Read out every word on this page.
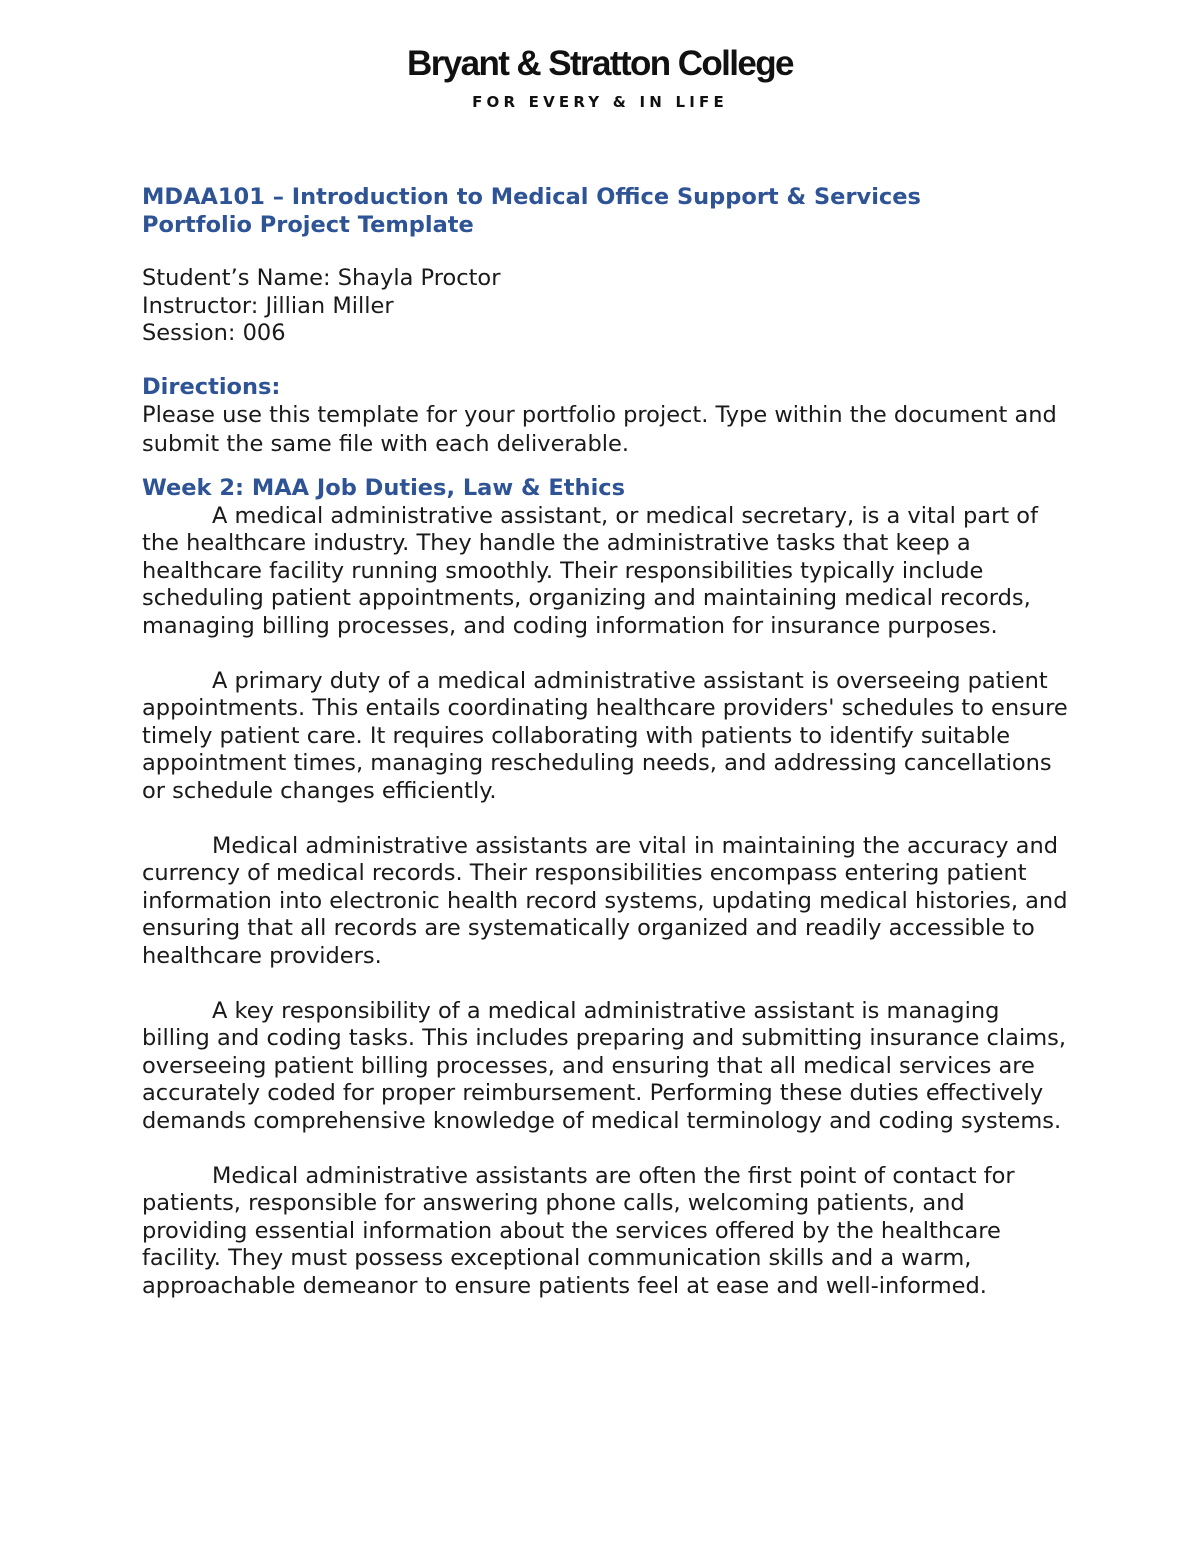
Bryant & Stratton College
FOR EVERY & IN LIFE
MDAA101 – Introduction to Medical Office Support & Services
Portfolio Project Template
Student’s Name: Shayla Proctor
Instructor: Jillian Miller
Session: 006
Directions:

Please use this template for your portfolio project. Type within the document and submit the same file with each deliverable.

Week 2: MAA Job Duties, Law & Ethics

A medical administrative assistant, or medical secretary, is a vital part of the healthcare industry. They handle the administrative tasks that keep a healthcare facility running smoothly. Their responsibilities typically include scheduling patient appointments, organizing and maintaining medical records, managing billing processes, and coding information for insurance purposes.

A primary duty of a medical administrative assistant is overseeing patient appointments. This entails coordinating healthcare providers' schedules to ensure timely patient care. It requires collaborating with patients to identify suitable appointment times, managing rescheduling needs, and addressing cancellations or schedule changes efficiently.

Medical administrative assistants are vital in maintaining the accuracy and currency of medical records. Their responsibilities encompass entering patient information into electronic health record systems, updating medical histories, and ensuring that all records are systematically organized and readily accessible to healthcare providers.

A key responsibility of a medical administrative assistant is managing billing and coding tasks. This includes preparing and submitting insurance claims, overseeing patient billing processes, and ensuring that all medical services are accurately coded for proper reimbursement. Performing these duties effectively demands comprehensive knowledge of medical terminology and coding systems.

Medical administrative assistants are often the first point of contact for patients, responsible for answering phone calls, welcoming patients, and providing essential information about the services offered by the healthcare facility. They must possess exceptional communication skills and a warm, approachable demeanor to ensure patients feel at ease and well-informed.
